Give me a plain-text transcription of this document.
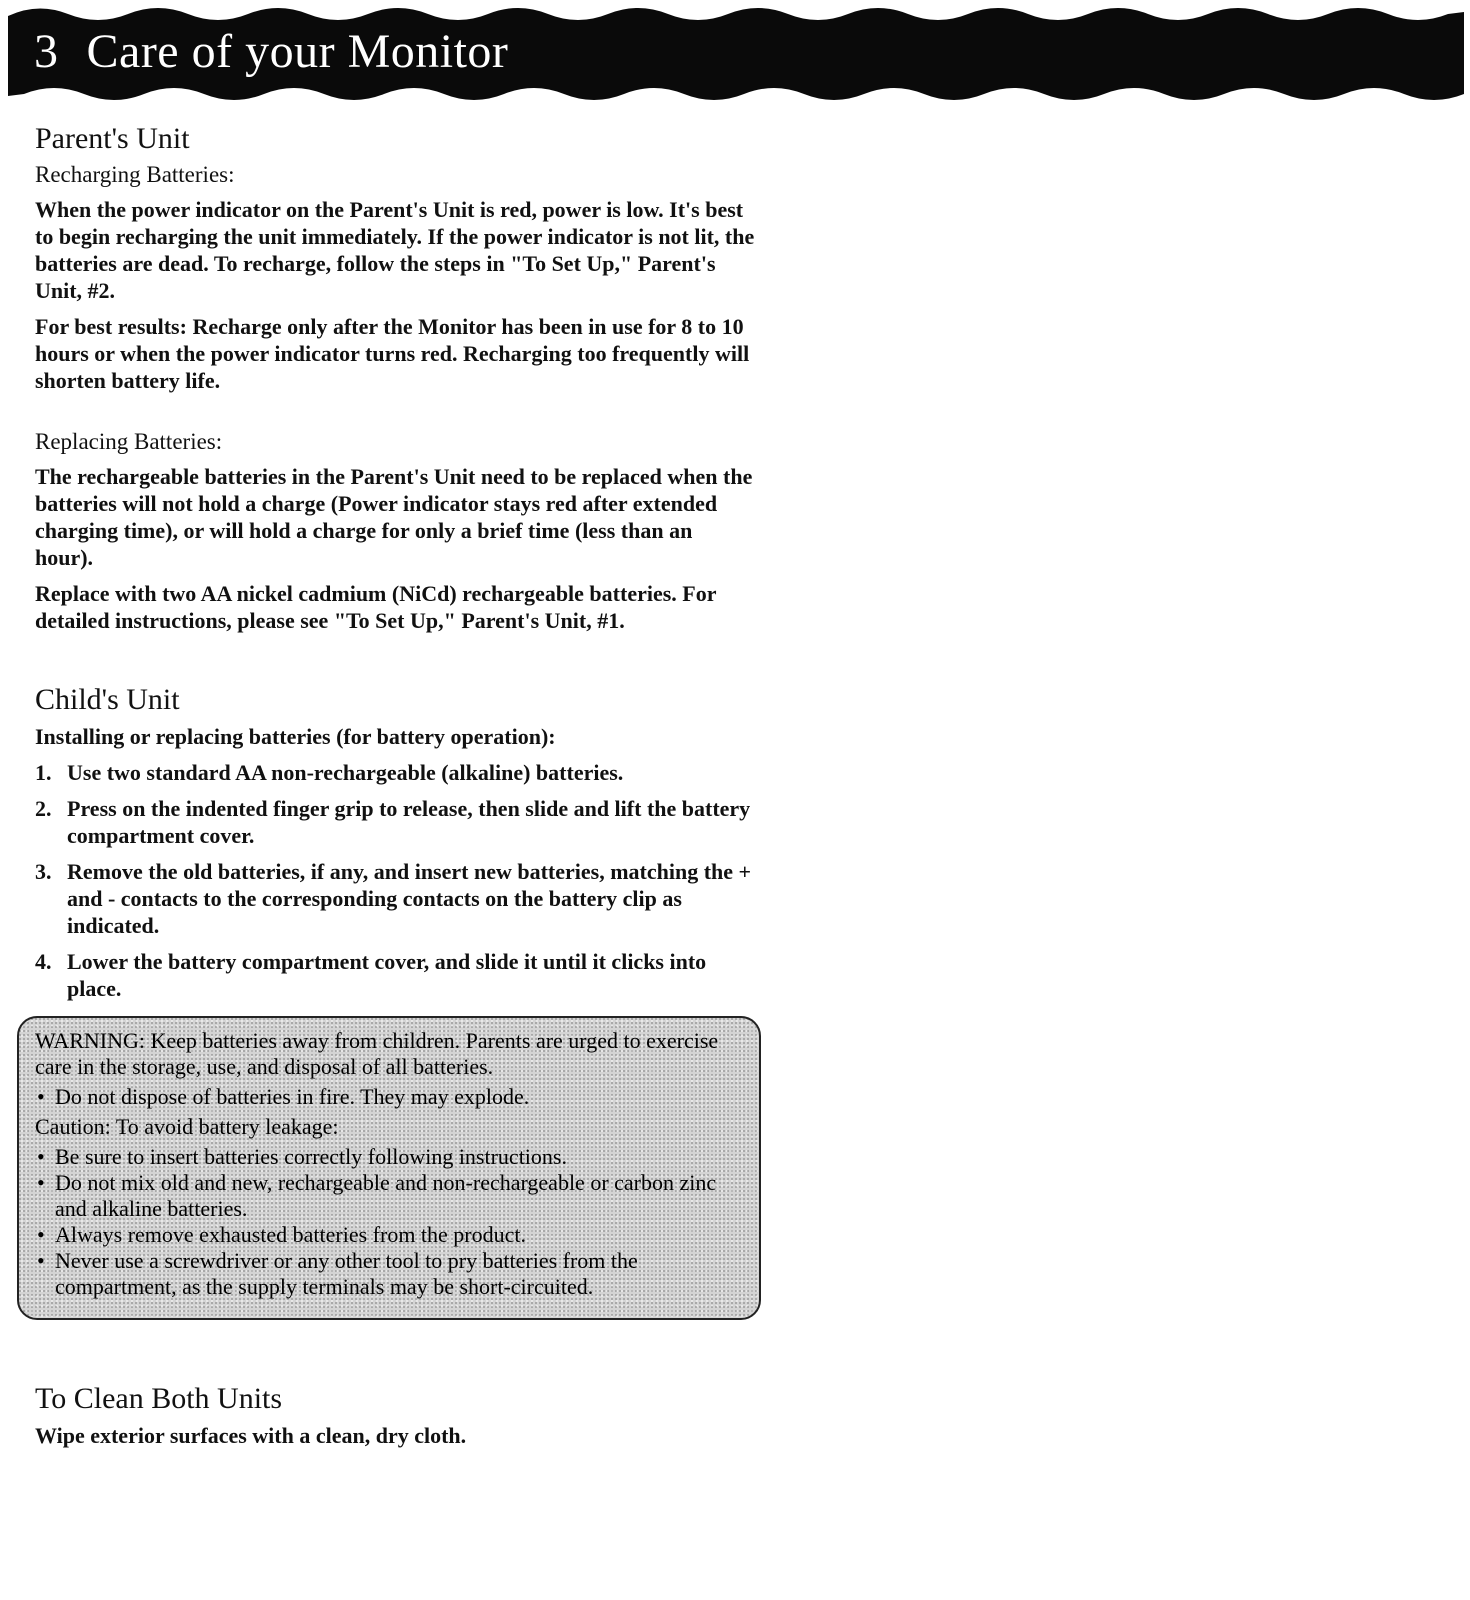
3 Care of your Monitor
Parent's Unit
Recharging Batteries:

When the power indicator on the Parent's Unit is red, power is low. It's best to begin recharging the unit immediately. If the power indicator is not lit, the batteries are dead. To recharge, follow the steps in "To Set Up," Parent's Unit, #2.

For best results: Recharge only after the Monitor has been in use for 8 to 10 hours or when the power indicator turns red. Recharging too frequently will shorten battery life.

Replacing Batteries:

The rechargeable batteries in the Parent's Unit need to be replaced when the batteries will not hold a charge (Power indicator stays red after extended charging time), or will hold a charge for only a brief time (less than an hour).

Replace with two AA nickel cadmium (NiCd) rechargeable batteries. For detailed instructions, please see "To Set Up," Parent's Unit, #1.

Child's Unit

Installing or replacing batteries (for battery operation):

1. Use two standard AA non-rechargeable (alkaline) batteries.
2. Press on the indented finger grip to release, then slide and lift the battery compartment cover.
3. Remove the old batteries, if any, and insert new batteries, matching the + and - contacts to the corresponding contacts on the battery clip as indicated.
4. Lower the battery compartment cover, and slide it until it clicks into place.

WARNING: Keep batteries away from children. Parents are urged to exercise care in the storage, use, and disposal of all batteries.

• Do not dispose of batteries in fire. They may explode.

Caution: To avoid battery leakage:

• Be sure to insert batteries correctly following instructions.
• Do not mix old and new, rechargeable and non-rechargeable or carbon zinc and alkaline batteries.
• Always remove exhausted batteries from the product.
• Never use a screwdriver or any other tool to pry batteries from the compartment, as the supply terminals may be short-circuited.
To Clean Both Units

Wipe exterior surfaces with a clean, dry cloth.
